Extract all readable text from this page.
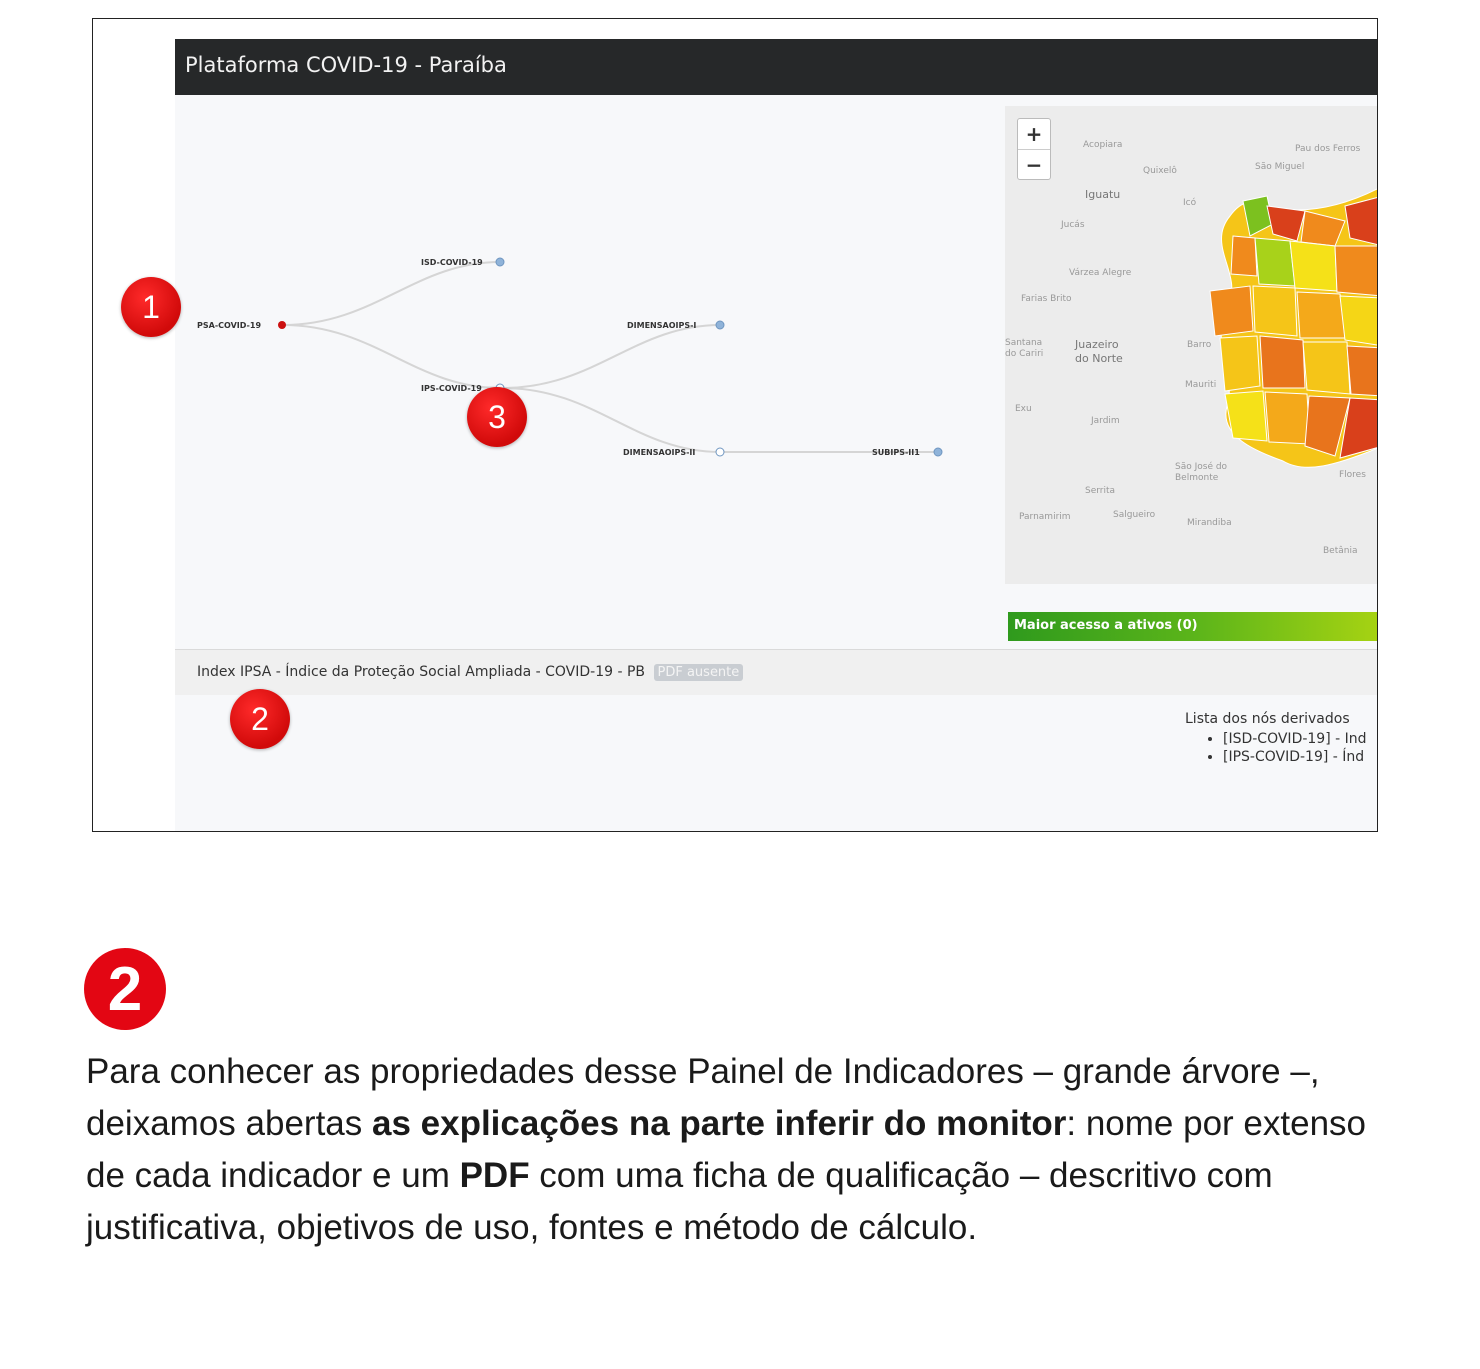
Plataforma COVID-19 - Paraíba
PSA-COVID-19
ISD-COVID-19
IPS-COVID-19
DIMENSAOIPS-I
DIMENSAOIPS-II	SUBIPS-II1
+
−
Acopiara	Pau dos Ferros
Quixelô	São Miguel
Iguatu
Icó
Jucás
Várzea Alegre
Farias Brito
Santana do Cariri
Juazeiro do Norte
Barro
Mauriti
Exu
Jardim
São José do Belmonte
Serrita
Salgueiro
Parnamirim
Mirandiba
Flores
Betânia
Maior acesso a ativos (0)
Index IPSA - Índice da Proteção Social Ampliada - COVID-19 - PB PDF ausente
Lista dos nós derivados
• [ISD-COVID-19] - Ind
• [IPS-COVID-19] - Índ
1
2
3
2

Para conhecer as propriedades desse Painel de Indicadores – grande árvore –, deixamos abertas as explicações na parte inferir do monitor: nome por extenso de cada indicador e um PDF com uma ficha de qualificação – descritivo com justificativa, objetivos de uso, fontes e método de cálculo.
